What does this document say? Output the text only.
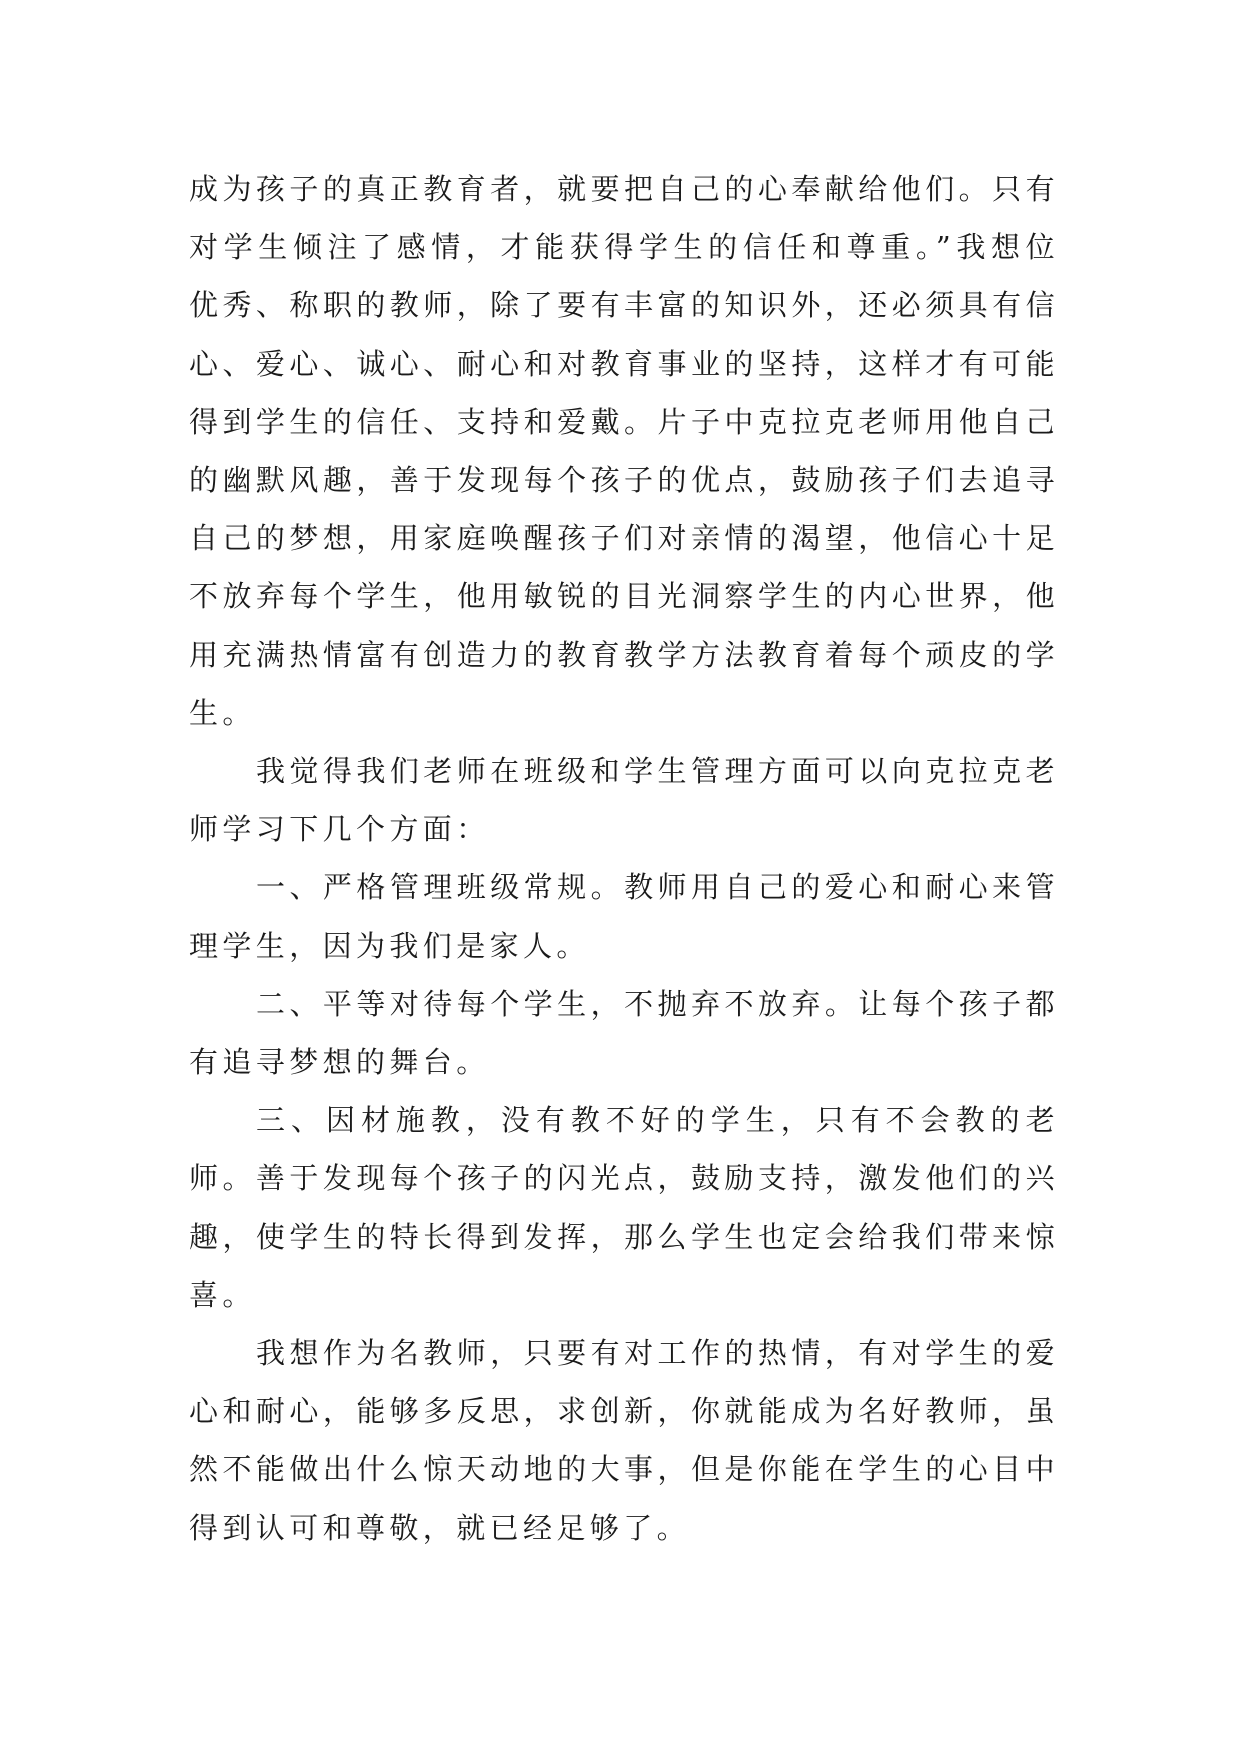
成为孩子的真正教育者，就要把自己的心奉献给他们。只有对学生倾注了感情，才能获得学生的信任和尊重。”我想位优秀、称职的教师，除了要有丰富的知识外，还必须具有信心、爱心、诚心、耐心和对教育事业的坚持，这样才有可能得到学生的信任、支持和爱戴。片子中克拉克老师用他自己的幽默风趣，善于发现每个孩子的优点，鼓励孩子们去追寻自己的梦想，用家庭唤醒孩子们对亲情的渴望，他信心十足不放弃每个学生，他用敏锐的目光洞察学生的内心世界，他用充满热情富有创造力的教育教学方法教育着每个顽皮的学生。

我觉得我们老师在班级和学生管理方面可以向克拉克老师学习下几个方面：

一、严格管理班级常规。教师用自己的爱心和耐心来管理学生，因为我们是家人。

二、平等对待每个学生，不抛弃不放弃。让每个孩子都有追寻梦想的舞台。

三、因材施教，没有教不好的学生，只有不会教的老师。善于发现每个孩子的闪光点，鼓励支持，激发他们的兴趣，使学生的特长得到发挥，那么学生也定会给我们带来惊喜。

我想作为名教师，只要有对工作的热情，有对学生的爱心和耐心，能够多反思，求创新，你就能成为名好教师，虽然不能做出什么惊天动地的大事，但是你能在学生的心目中得到认可和尊敬，就已经足够了。
